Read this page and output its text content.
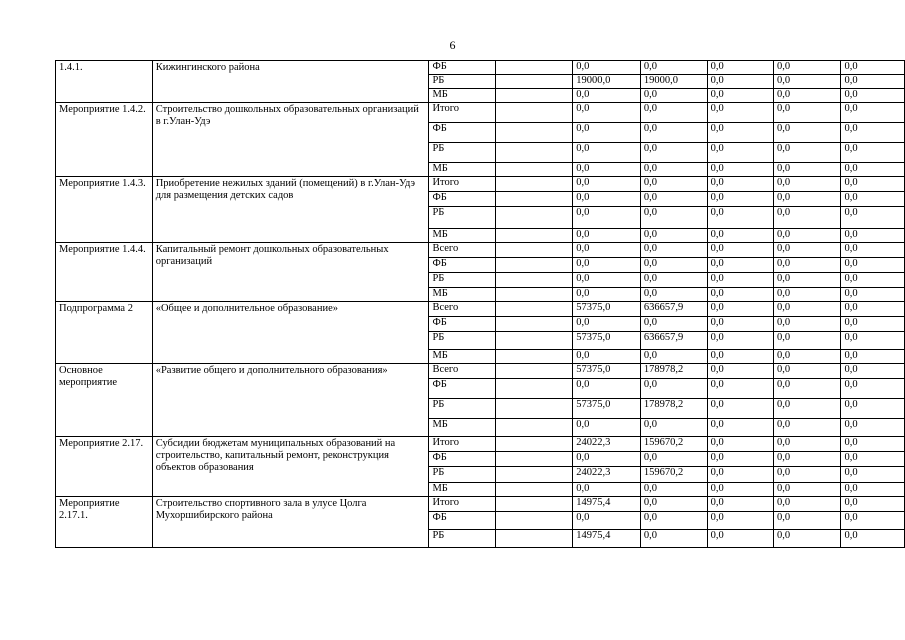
6
1.4.1.	Кижингинского района	ФБ		0,0	0,0	0,0	0,0	0,0
		РБ		19000,0	19000,0	0,0	0,0	0,0
		МБ		0,0	0,0	0,0	0,0	0,0
Мероприятие 1.4.2.	Строительство дошкольных образовательных организаций в г.Улан-Удэ	Итого		0,0	0,0	0,0	0,0	0,0
		ФБ		0,0	0,0	0,0	0,0	0,0
		РБ		0,0	0,0	0,0	0,0	0,0
		МБ		0,0	0,0	0,0	0,0	0,0
Мероприятие 1.4.3.	Приобретение нежилых зданий (помещений) в г.Улан-Удэ для размещения детских садов	Итого		0,0	0,0	0,0	0,0	0,0
		ФБ		0,0	0,0	0,0	0,0	0,0
		РБ		0,0	0,0	0,0	0,0	0,0
		МБ		0,0	0,0	0,0	0,0	0,0
Мероприятие 1.4.4.	Капитальный ремонт дошкольных образовательных организаций	Всего		0,0	0,0	0,0	0,0	0,0
		ФБ		0,0	0,0	0,0	0,0	0,0
		РБ		0,0	0,0	0,0	0,0	0,0
		МБ		0,0	0,0	0,0	0,0	0,0
Подпрограмма 2	«Общее и дополнительное образование»	Всего		57375,0	636657,9	0,0	0,0	0,0
		ФБ		0,0	0,0	0,0	0,0	0,0
		РБ		57375,0	636657,9	0,0	0,0	0,0
		МБ		0,0	0,0	0,0	0,0	0,0
Основное мероприятие	«Развитие общего и дополнительного образования»	Всего		57375,0	178978,2	0,0	0,0	0,0
		ФБ		0,0	0,0	0,0	0,0	0,0
		РБ		57375,0	178978,2	0,0	0,0	0,0
		МБ		0,0	0,0	0,0	0,0	0,0
Мероприятие 2.17.	Субсидии бюджетам муниципальных образований на строительство, капитальный ремонт, реконструкция объектов образования	Итого		24022,3	159670,2	0,0	0,0	0,0
		ФБ		0,0	0,0	0,0	0,0	0,0
		РБ		24022,3	159670,2	0,0	0,0	0,0
		МБ		0,0	0,0	0,0	0,0	0,0
Мероприятие 2.17.1.	Строительство спортивного зала в улусе Цолга Мухоршибирского района	Итого		14975,4	0,0	0,0	0,0	0,0
		ФБ		0,0	0,0	0,0	0,0	0,0
		РБ		14975,4	0,0	0,0	0,0	0,0
